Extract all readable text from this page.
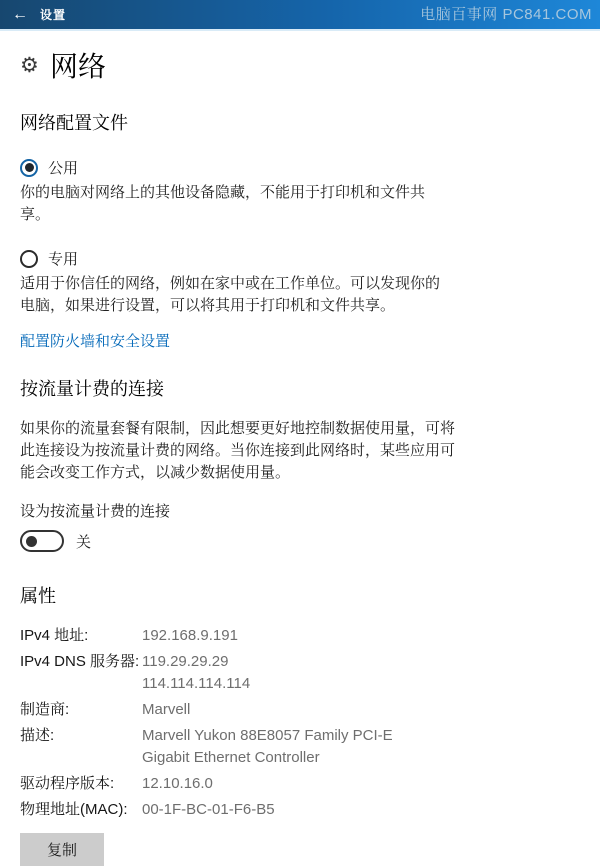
←	设置	电脑百事网 PC841.COM
⚙ 网络
网络配置文件
公用
你的电脑对网络上的其他设备隐藏，不能用于打印机和文件共享。
专用
适用于你信任的网络，例如在家中或在工作单位。可以发现你的电脑，如果进行设置，可以将其用于打印机和文件共享。
配置防火墙和安全设置
按流量计费的连接
如果你的流量套餐有限制，因此想要更好地控制数据使用量，可将此连接设为按流量计费的网络。当你连接到此网络时，某些应用可能会改变工作方式，以减少数据使用量。
设为按流量计费的连接
关
属性
IPv4 地址:	192.168.9.191
IPv4 DNS 服务器: 119.29.29.29
114.114.114.114
制造商:	Marvell
描述:	Marvell Yukon 88E8057 Family PCI-E Gigabit Ethernet Controller
驱动程序版本:	12.10.16.0
物理地址(MAC): 00-1F-BC-01-F6-B5
复制
